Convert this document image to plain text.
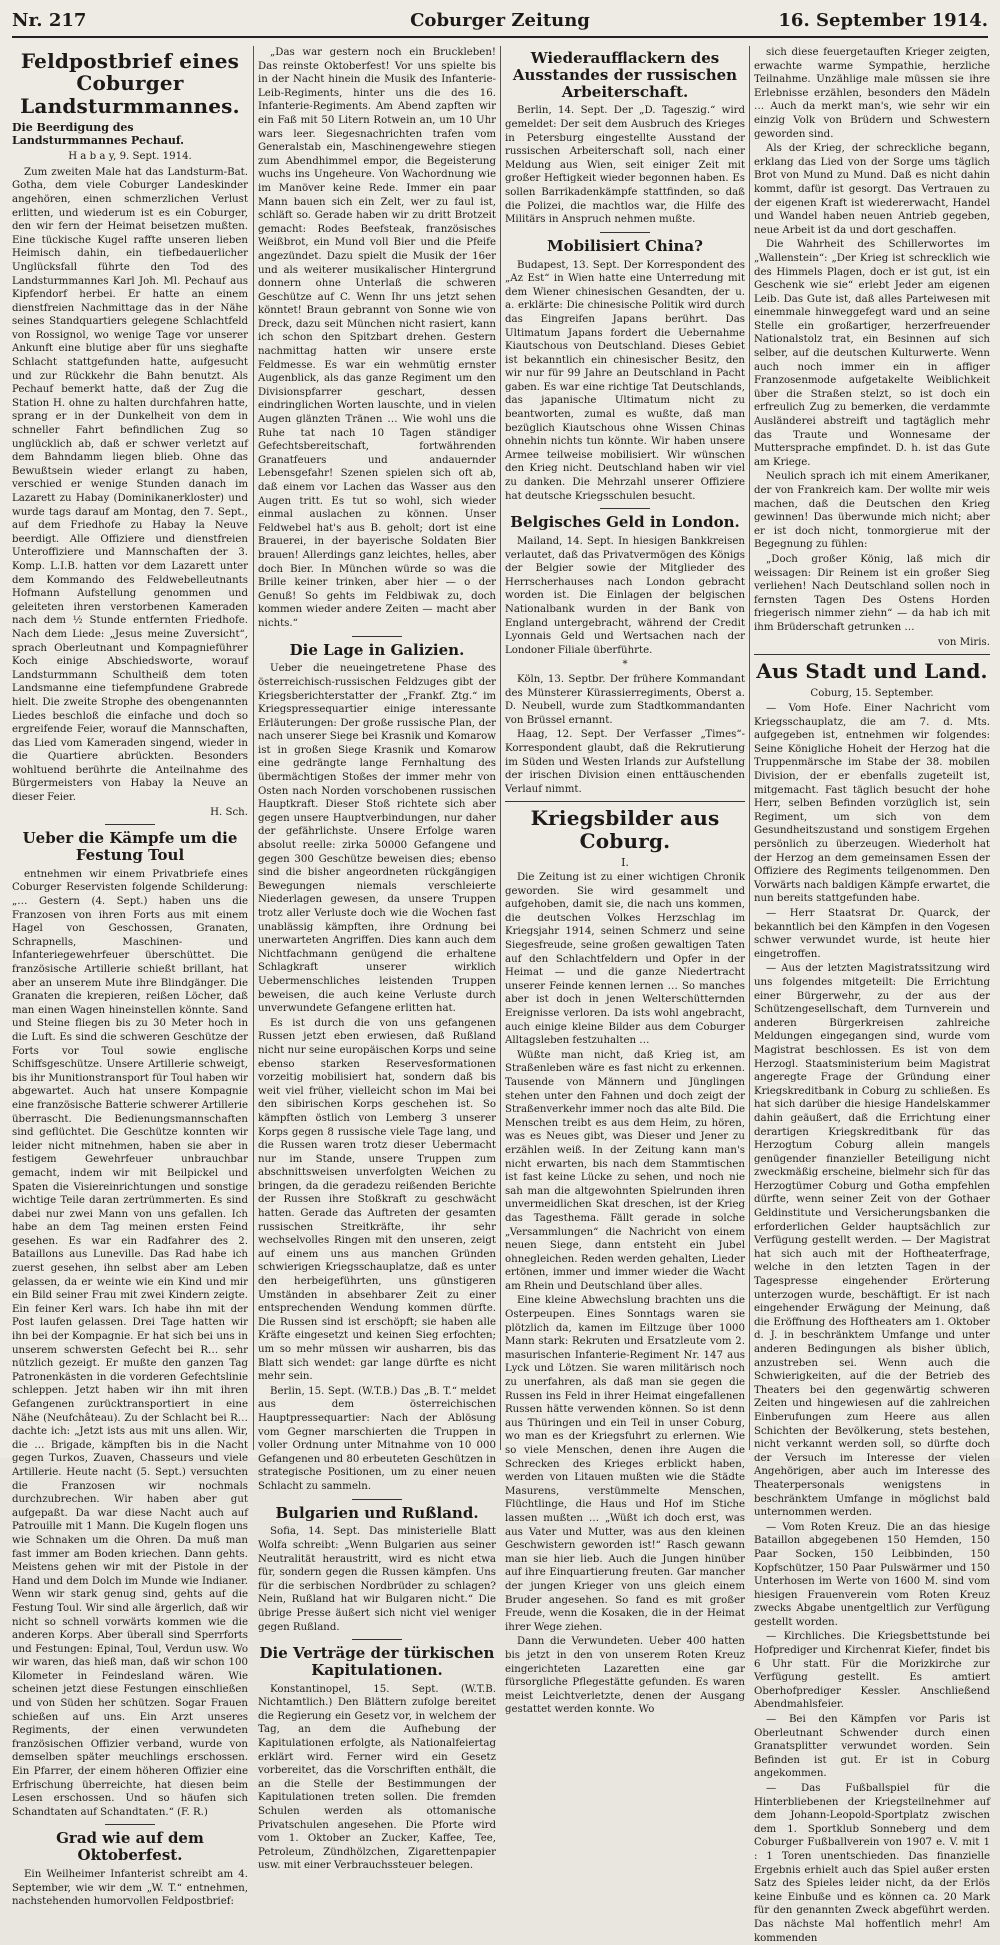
Coburger Zeitung
Nr. 217	16. September 1914.
Feldpostbrief eines Coburger Landsturmmannes.
Die Beerdigung des Landsturmmannes Pechauf.

H a b a y, 9. Sept. 1914.

Zum zweiten Male hat das Landsturm-Bat. Gotha, dem viele Coburger Landeskinder angehören, einen schmerzlichen Verlust erlitten, und wiederum ist es ein Coburger, den wir fern der Heimat beisetzen mußten. Eine tückische Kugel raffte unseren lieben Heimisch dahin, ein tiefbedauerlicher Unglücksfall führte den Tod des Landsturmmannes Karl Joh. Ml. Pechauf aus Kipfendorf herbei. Er hatte an einem dienstfreien Nachmittage das in der Nähe seines Standquartiers gelegene Schlachtfeld von Rossignol, wo wenige Tage vor unserer Ankunft eine blutige aber für uns sieghafte Schlacht stattgefunden hatte, aufgesucht und zur Rückkehr die Bahn benutzt. Als Pechauf bemerkt hatte, daß der Zug die Station H. ohne zu halten durchfahren hatte, sprang er in der Dunkelheit von dem in schneller Fahrt befindlichen Zug so unglücklich ab, daß er schwer verletzt auf dem Bahndamm liegen blieb. Ohne das Bewußtsein wieder erlangt zu haben, verschied er wenige Stunden danach im Lazarett zu Habay (Dominikanerkloster) und wurde tags darauf am Montag, den 7. Sept., auf dem Friedhofe zu Habay la Neuve beerdigt. Alle Offiziere und dienstfreien Unteroffiziere und Mannschaften der 3. Komp. L.I.B. hatten vor dem Lazarett unter dem Kommando des Feldwebelleutnants Hofmann Aufstellung genommen und geleiteten ihren verstorbenen Kameraden nach dem ½ Stunde entfernten Friedhofe. Nach dem Liede: „Jesus meine Zuversicht“, sprach Oberleutnant und Kompagnieführer Koch einige Abschiedsworte, worauf Landsturmmann Schultheiß dem toten Landsmanne eine tiefempfundene Grabrede hielt. Die zweite Strophe des obengenannten Liedes beschloß die einfache und doch so ergreifende Feier, worauf die Mannschaften, das Lied vom Kameraden singend, wieder in die Quartiere abrückten. Besonders wohltuend berührte die Anteilnahme des Bürgermeisters von Habay la Neuve an dieser Feier.

H. Sch.

Ueber die Kämpfe um die Festung Toul

entnehmen wir einem Privatbriefe eines Coburger Reservisten folgende Schilderung: „… Gestern (4. Sept.) haben uns die Franzosen von ihren Forts aus mit einem Hagel von Geschossen, Granaten, Schrapnells, Maschinen- und Infanteriegewehrfeuer überschüttet. Die französische Artillerie schießt brillant, hat aber an unserem Mute ihre Blindgänger. Die Granaten die krepieren, reißen Löcher, daß man einen Wagen hineinstellen könnte. Sand und Steine fliegen bis zu 30 Meter hoch in die Luft. Es sind die schweren Geschütze der Forts vor Toul sowie englische Schiffsgeschütze. Unsere Artillerie schweigt, bis ihr Munitionstransport für Toul haben wir abgewartet. Auch hat unsere Kompagnie eine französische Batterie schwerer Artillerie überrascht. Die Bedienungsmannschaften sind geflüchtet. Die Geschütze konnten wir leider nicht mitnehmen, haben sie aber in festigem Gewehrfeuer unbrauchbar gemacht, indem wir mit Beilpickel und Spaten die Visiereinrichtungen und sonstige wichtige Teile daran zertrümmerten. Es sind dabei nur zwei Mann von uns gefallen. Ich habe an dem Tag meinen ersten Feind gesehen. Es war ein Radfahrer des 2. Bataillons aus Luneville. Das Rad habe ich zuerst gesehen, ihn selbst aber am Leben gelassen, da er weinte wie ein Kind und mir ein Bild seiner Frau mit zwei Kindern zeigte. Ein feiner Kerl wars. Ich habe ihn mit der Post laufen gelassen. Drei Tage hatten wir ihn bei der Kompagnie. Er hat sich bei uns in unserem schwersten Gefecht bei R… sehr nützlich gezeigt. Er mußte den ganzen Tag Patronenkästen in die vorderen Gefechtslinie schleppen. Jetzt haben wir ihn mit ihren Gefangenen zurücktransportiert in eine Nähe (Neufchâteau). Zu der Schlacht bei R… dachte ich: „Jetzt ists aus mit uns allen. Wir, die … Brigade, kämpften bis in die Nacht gegen Turkos, Zuaven, Chasseurs und viele Artillerie. Heute nacht (5. Sept.) versuchten die Franzosen wir nochmals durchzubrechen. Wir haben aber gut aufgepaßt. Da war diese Nacht auch auf Patrouille mit 1 Mann. Die Kugeln flogen uns wie Schnaken um die Ohren. Da muß man fast immer am Boden kriechen. Dann gehts. Meistens gehen wir mit der Pistole in der Hand und dem Dolch im Munde wie Indianer. Wenn wir stark genug sind, gehts auf die Festung Toul. Wir sind alle ärgerlich, daß wir nicht so schnell vorwärts kommen wie die anderen Korps. Aber überall sind Sperrforts und Festungen: Epinal, Toul, Verdun usw. Wo wir waren, das hieß man, daß wir schon 100 Kilometer in Feindesland wären. Wie scheinen jetzt diese Festungen einschließen und von Süden her schützen. Sogar Frauen schießen auf uns. Ein Arzt unseres Regiments, der einen verwundeten französischen Offizier verband, wurde von demselben später meuchlings erschossen. Ein Pfarrer, der einem höheren Offizier eine Erfrischung überreichte, hat diesen beim Lesen erschossen. Und so häufen sich Schandtaten auf Schandtaten.“ (F. R.)

Grad wie auf dem Oktoberfest.

Ein Weilheimer Infanterist schreibt am 4. September, wie wir dem „W. T.“ entnehmen, nachstehenden humorvollen Feldpostbrief:

„Das war gestern noch ein Bruckleben! Das reinste Oktoberfest! Vor uns spielte bis in der Nacht hinein die Musik des Infanterie-Leib-Regiments, hinter uns die des 16. Infanterie-Regiments. Am Abend zapften wir ein Faß mit 50 Litern Rotwein an, um 10 Uhr wars leer. Siegesnachrichten trafen vom Generalstab ein, Maschinengewehre stiegen zum Abendhimmel empor, die Begeisterung wuchs ins Ungeheure. Von Wachordnung wie im Manöver keine Rede. Immer ein paar Mann bauen sich ein Zelt, wer zu faul ist, schläft so. Gerade haben wir zu dritt Brotzeit gemacht: Rodes Beefsteak, französisches Weißbrot, ein Mund voll Bier und die Pfeife angezündet. Dazu spielt die Musik der 16er und als weiterer musikalischer Hintergrund donnern ohne Unterlaß die schweren Geschütze auf C. Wenn Ihr uns jetzt sehen könntet! Braun gebrannt von Sonne wie von Dreck, dazu seit München nicht rasiert, kann ich schon den Spitzbart drehen. Gestern nachmittag hatten wir unsere erste Feldmesse. Es war ein wehmütig ernster Augenblick, als das ganze Regiment um den Divisionspfarrer geschart, dessen eindringlichen Worten lauschte, und in vielen Augen glänzten Tränen … Wie wohl uns die Ruhe tat nach 10 Tagen ständiger Gefechtsbereitschaft, fortwährenden Granatfeuers und andauernder Lebensgefahr! Szenen spielen sich oft ab, daß einem vor Lachen das Wasser aus den Augen tritt. Es tut so wohl, sich wieder einmal auslachen zu können. Unser Feldwebel hat's aus B. geholt; dort ist eine Brauerei, in der bayerische Soldaten Bier brauen! Allerdings ganz leichtes, helles, aber doch Bier. In München würde so was die Brille keiner trinken, aber hier — o der Genuß! So gehts im Feldbiwak zu, doch kommen wieder andere Zeiten — macht aber nichts.“

Die Lage in Galizien.

Ueber die neueingetretene Phase des österreichisch-russischen Feldzuges gibt der Kriegsberichterstatter der „Frankf. Ztg.“ im Kriegspressequartier einige interessante Erläuterungen: Der große russische Plan, der nach unserer Siege bei Krasnik und Komarow ist in großen Siege Krasnik und Komarow eine gedrängte lange Fernhaltung des übermächtigen Stoßes der immer mehr von Osten nach Norden vorschobenen russischen Hauptkraft. Dieser Stoß richtete sich aber gegen unsere Hauptverbindungen, nur daher der gefährlichste. Unsere Erfolge waren absolut reelle: zirka 50000 Gefangene und gegen 300 Geschütze beweisen dies; ebenso sind die bisher angeordneten rückgängigen Bewegungen niemals verschleierte Niederlagen gewesen, da unsere Truppen trotz aller Verluste doch wie die Wochen fast unablässig kämpften, ihre Ordnung bei unerwarteten Angriffen. Dies kann auch dem Nichtfachmann genügend die erhaltene Schlagkraft unserer wirklich Uebermenschliches leistenden Truppen beweisen, die auch keine Verluste durch unverwundete Gefangene erlitten hat.

Es ist durch die von uns gefangenen Russen jetzt eben erwiesen, daß Rußland nicht nur seine europäischen Korps und seine ebenso starken Reservesformationen vorzeitig mobilisiert hat, sondern daß bis weit viel früher, vielleicht schon im Mai bei den sibirischen Korps geschehen ist. So kämpften östlich von Lemberg 3 unserer Korps gegen 8 russische viele Tage lang, und die Russen waren trotz dieser Uebermacht nur im Stande, unsere Truppen zum abschnittsweisen unverfolgten Weichen zu bringen, da die geradezu reißenden Berichte der Russen ihre Stoßkraft zu geschwächt hatten. Gerade das Auftreten der gesamten russischen Streitkräfte, ihr sehr wechselvolles Ringen mit den unseren, zeigt auf einem uns aus manchen Gründen schwierigen Kriegsschauplatze, daß es unter den herbeigeführten, uns günstigeren Umständen in absehbarer Zeit zu einer entsprechenden Wendung kommen dürfte. Die Russen sind ist erschöpft; sie haben alle Kräfte eingesetzt und keinen Sieg erfochten; um so mehr müssen wir ausharren, bis das Blatt sich wendet: gar lange dürfte es nicht mehr sein.

Berlin, 15. Sept. (W.T.B.) Das „B. T.“ meldet aus dem österreichischen Hauptpressequartier: Nach der Ablösung vom Gegner marschierten die Truppen in voller Ordnung unter Mitnahme von 10 000 Gefangenen und 80 erbeuteten Geschützen in strategische Positionen, um zu einer neuen Schlacht zu sammeln.

Bulgarien und Rußland.

Sofia, 14. Sept. Das ministerielle Blatt Wolfa schreibt: „Wenn Bulgarien aus seiner Neutralität heraustritt, wird es nicht etwa für, sondern gegen die Russen kämpfen. Uns für die serbischen Nordbrüder zu schlagen? Nein, Rußland hat wir Bulgaren nicht.“ Die übrige Presse äußert sich nicht viel weniger gegen Rußland.

Die Verträge der türkischen Kapitulationen.

Konstantinopel, 15. Sept. (W.T.B. Nichtamtlich.) Den Blättern zufolge bereitet die Regierung ein Gesetz vor, in welchem der Tag, an dem die Aufhebung der Kapitulationen erfolgte, als Nationalfeiertag erklärt wird. Ferner wird ein Gesetz vorbereitet, das die Vorschriften enthält, die an die Stelle der Bestimmungen der Kapitulationen treten sollen. Die fremden Schulen werden als ottomanische Privatschulen angesehen. Die Pforte wird vom 1. Oktober an Zucker, Kaffee, Tee, Petroleum, Zündhölzchen, Zigarettenpapier usw. mit einer Verbrauchssteuer belegen.

Wiederaufflackern des Ausstandes der russischen Arbeiterschaft.

Berlin, 14. Sept. Der „D. Tageszig.“ wird gemeldet: Der seit dem Ausbruch des Krieges in Petersburg eingestellte Ausstand der russischen Arbeiterschaft soll, nach einer Meldung aus Wien, seit einiger Zeit mit großer Heftigkeit wieder begonnen haben. Es sollen Barrikadenkämpfe stattfinden, so daß die Polizei, die machtlos war, die Hilfe des Militärs in Anspruch nehmen mußte.

Mobilisiert China?

Budapest, 13. Sept. Der Korrespondent des „Az Est“ in Wien hatte eine Unterredung mit dem Wiener chinesischen Gesandten, der u. a. erklärte: Die chinesische Politik wird durch das Eingreifen Japans berührt. Das Ultimatum Japans fordert die Uebernahme Kiautschous von Deutschland. Dieses Gebiet ist bekanntlich ein chinesischer Besitz, den wir nur für 99 Jahre an Deutschland in Pacht gaben. Es war eine richtige Tat Deutschlands, das japanische Ultimatum nicht zu beantworten, zumal es wußte, daß man bezüglich Kiautschous ohne Wissen Chinas ohnehin nichts tun könnte. Wir haben unsere Armee teilweise mobilisiert. Wir wünschen den Krieg nicht. Deutschland haben wir viel zu danken. Die Mehrzahl unserer Offiziere hat deutsche Kriegsschulen besucht.

Belgisches Geld in London.

Mailand, 14. Sept. In hiesigen Bankkreisen verlautet, daß das Privatvermögen des Königs der Belgier sowie der Mitglieder des Herrscherhauses nach London gebracht worden ist. Die Einlagen der belgischen Nationalbank wurden in der Bank von England untergebracht, während der Credit Lyonnais Geld und Wertsachen nach der Londoner Filiale überführte.

*

Köln, 13. Septbr. Der frühere Kommandant des Münsterer Kürassierregiments, Oberst a. D. Neubell, wurde zum Stadtkommandanten von Brüssel ernannt.

Haag, 12. Sept. Der Verfasser „Times“-Korrespondent glaubt, daß die Rekrutierung im Süden und Westen Irlands zur Aufstellung der irischen Division einen enttäuschenden Verlauf nimmt.

Kriegsbilder aus Coburg.
I.

Die Zeitung ist zu einer wichtigen Chronik geworden. Sie wird gesammelt und aufgehoben, damit sie, die nach uns kommen, die deutschen Volkes Herzschlag im Kriegsjahr 1914, seinen Schmerz und seine Siegesfreude, seine großen gewaltigen Taten auf den Schlachtfeldern und Opfer in der Heimat — und die ganze Niedertracht unserer Feinde kennen lernen … So manches aber ist doch in jenen Welterschütternden Ereignisse verloren. Da ists wohl angebracht, auch einige kleine Bilder aus dem Coburger Alltagsleben festzuhalten …

Wüßte man nicht, daß Krieg ist, am Straßenleben wäre es fast nicht zu erkennen. Tausende von Männern und Jünglingen stehen unter den Fahnen und doch zeigt der Straßenverkehr immer noch das alte Bild. Die Menschen treibt es aus dem Heim, zu hören, was es Neues gibt, was Dieser und Jener zu erzählen weiß. In der Zeitung kann man's nicht erwarten, bis nach dem Stammtischen ist fast keine Lücke zu sehen, und noch nie sah man die altgewohnten Spielrunden ihren unvermeidlichen Skat dreschen, ist der Krieg das Tagesthema. Fällt gerade in solche „Versammlungen“ die Nachricht von einem neuen Siege, dann entsteht ein Jubel ohnegleichen. Reden werden gehalten, Lieder ertönen, immer und immer wieder die Wacht am Rhein und Deutschland über alles.

Eine kleine Abwechslung brachten uns die Osterpeupen. Eines Sonntags waren sie plötzlich da, kamen im Eiltzuge über 1000 Mann stark: Rekruten und Ersatzleute vom 2. masurischen Infanterie-Regiment Nr. 147 aus Lyck und Lötzen. Sie waren militärisch noch zu unerfahren, als daß man sie gegen die Russen ins Feld in ihrer Heimat eingefallenen Russen hätte verwenden können. So ist denn aus Thüringen und ein Teil in unser Coburg, wo man es der Kriegsfuhrt zu erlernen. Wie so viele Menschen, denen ihre Augen die Schrecken des Krieges erblickt haben, werden von Litauen mußten wie die Städte Masurens, verstümmelte Menschen, Flüchtlinge, die Haus und Hof im Stiche lassen mußten … „Wüßt ich doch erst, was aus Vater und Mutter, was aus den kleinen Geschwistern geworden ist!“ Rasch gewann man sie hier lieb. Auch die Jungen hinüber auf ihre Einquartierung freuten. Gar mancher der jungen Krieger von uns gleich einem Bruder angesehen. So fand es mit großer Freude, wenn die Kosaken, die in der Heimat ihrer Wege ziehen.

Dann die Verwundeten. Ueber 400 hatten bis jetzt in den von unserem Roten Kreuz eingerichteten Lazaretten eine gar fürsorgliche Pflegestätte gefunden. Es waren meist Leichtverletzte, denen der Ausgang gestattet werden konnte. Wo

sich diese feuergetauften Krieger zeigten, erwachte warme Sympathie, herzliche Teilnahme. Unzählige male müssen sie ihre Erlebnisse erzählen, besonders den Mädeln … Auch da merkt man's, wie sehr wir ein einzig Volk von Brüdern und Schwestern geworden sind.

Als der Krieg, der schreckliche begann, erklang das Lied von der Sorge ums täglich Brot von Mund zu Mund. Daß es nicht dahin kommt, dafür ist gesorgt. Das Vertrauen zu der eigenen Kraft ist wiedererwacht, Handel und Wandel haben neuen Antrieb gegeben, neue Arbeit ist da und dort geschaffen.

Die Wahrheit des Schillerwortes im „Wallenstein“: „Der Krieg ist schrecklich wie des Himmels Plagen, doch er ist gut, ist ein Geschenk wie sie“ erlebt Jeder am eigenen Leib. Das Gute ist, daß alles Parteiwesen mit einemmale hinweggefegt ward und an seine Stelle ein großartiger, herzerfreuender Nationalstolz trat, ein Besinnen auf sich selber, auf die deutschen Kulturwerte. Wenn auch noch immer ein in affiger Franzosenmode aufgetakelte Weiblichkeit über die Straßen stelzt, so ist doch ein erfreulich Zug zu bemerken, die verdammte Ausländerei abstreift und tagtäglich mehr das Traute und Wonnesame der Muttersprache empfindet. D. h. ist das Gute am Kriege.

Neulich sprach ich mit einem Amerikaner, der von Frankreich kam. Der wollte mir weis machen, daß die Deutschen den Krieg gewinnen! Das überwunde mich nicht; aber er ist doch nicht, tonmorgierue mit der Begegnung zu fühlen:

„Doch großer König, laß mich dir weissagen: Dir Reinem ist ein großer Sieg verliehen! Nach Deutschland sollen noch in fernsten Tagen Des Ostens Horden friegerisch nimmer ziehn“ — da hab ich mit ihm Brüderschaft getrunken …

von Miris.

Aus Stadt und Land.

Coburg, 15. September.

— Vom Hofe. Einer Nachricht vom Kriegsschauplatz, die am 7. d. Mts. aufgegeben ist, entnehmen wir folgendes: Seine Königliche Hoheit der Herzog hat die Truppenmärsche im Stabe der 38. mobilen Division, der er ebenfalls zugeteilt ist, mitgemacht. Fast täglich besucht der hohe Herr, selben Befinden vorzüglich ist, sein Regiment, um sich von dem Gesundheitszustand und sonstigem Ergehen persönlich zu überzeugen. Wiederholt hat der Herzog an dem gemeinsamen Essen der Offiziere des Regiments teilgenommen. Den Vorwärts nach baldigen Kämpfe erwartet, die nun bereits stattgefunden habe.

— Herr Staatsrat Dr. Quarck, der bekanntlich bei den Kämpfen in den Vogesen schwer verwundet wurde, ist heute hier eingetroffen.

— Aus der letzten Magistratssitzung wird uns folgendes mitgeteilt: Die Errichtung einer Bürgerwehr, zu der aus der Schützengesellschaft, dem Turnverein und anderen Bürgerkreisen zahlreiche Meldungen eingegangen sind, wurde vom Magistrat beschlossen. Es ist von dem Herzogl. Staatsministerium beim Magistrat angeregte Frage der Gründung einer Kriegskreditbank in Coburg zu schließen. Es hat sich darüber die hiesige Handelskammer dahin geäußert, daß die Errichtung einer derartigen Kriegskreditbank für das Herzogtum Coburg allein mangels genügender finanzieller Beteiligung nicht zweckmäßig erscheine, bielmehr sich für das Herzogtümer Coburg und Gotha empfehlen dürfte, wenn seiner Zeit von der Gothaer Geldinstitute und Versicherungsbanken die erforderlichen Gelder hauptsächlich zur Verfügung gestellt werden. — Der Magistrat hat sich auch mit der Hoftheaterfrage, welche in den letzten Tagen in der Tagespresse eingehender Erörterung unterzogen wurde, beschäftigt. Er ist nach eingehender Erwägung der Meinung, daß die Eröffnung des Hoftheaters am 1. Oktober d. J. in beschränktem Umfange und unter anderen Bedingungen als bisher üblich, anzustreben sei. Wenn auch die Schwierigkeiten, auf die der Betrieb des Theaters bei den gegenwärtig schweren Zeiten und hingewiesen auf die zahlreichen Einberufungen zum Heere aus allen Schichten der Bevölkerung, stets bestehen, nicht verkannt werden soll, so dürfte doch der Versuch im Interesse der vielen Angehörigen, aber auch im Interesse des Theaterpersonals wenigstens in beschränktem Umfange in möglichst bald unternommen werden.

— Vom Roten Kreuz. Die an das hiesige Bataillon abgegebenen 150 Hemden, 150 Paar Socken, 150 Leibbinden, 150 Kopfschützer, 150 Paar Pulswärmer und 150 Unterhosen im Werte von 1600 M. sind vom hiesigen Frauenverein vom Roten Kreuz zwecks Abgabe unentgeltlich zur Verfügung gestellt worden.

— Kirchliches. Die Kriegsbettstunde bei Hofprediger und Kirchenrat Kiefer, findet bis 6 Uhr statt. Für die Morizkirche zur Verfügung gestellt. Es amtiert Oberhofprediger Kessler. Anschließend Abendmahlsfeier.

— Bei den Kämpfen vor Paris ist Oberleutnant Schwender durch einen Granatsplitter verwundet worden. Sein Befinden ist gut. Er ist in Coburg angekommen.

— Das Fußballspiel für die Hinterbliebenen der Kriegsteilnehmer auf dem Johann-Leopold-Sportplatz zwischen dem 1. Sportklub Sonneberg und dem Coburger Fußballverein von 1907 e. V. mit 1 : 1 Toren unentschieden. Das finanzielle Ergebnis erhielt auch das Spiel außer ersten Satz des Spieles leider nicht, da der Erlös keine Einbuße und es können ca. 20 Mark für den genannten Zweck abgeführt werden. Das nächste Mal hoffentlich mehr! Am kommenden
